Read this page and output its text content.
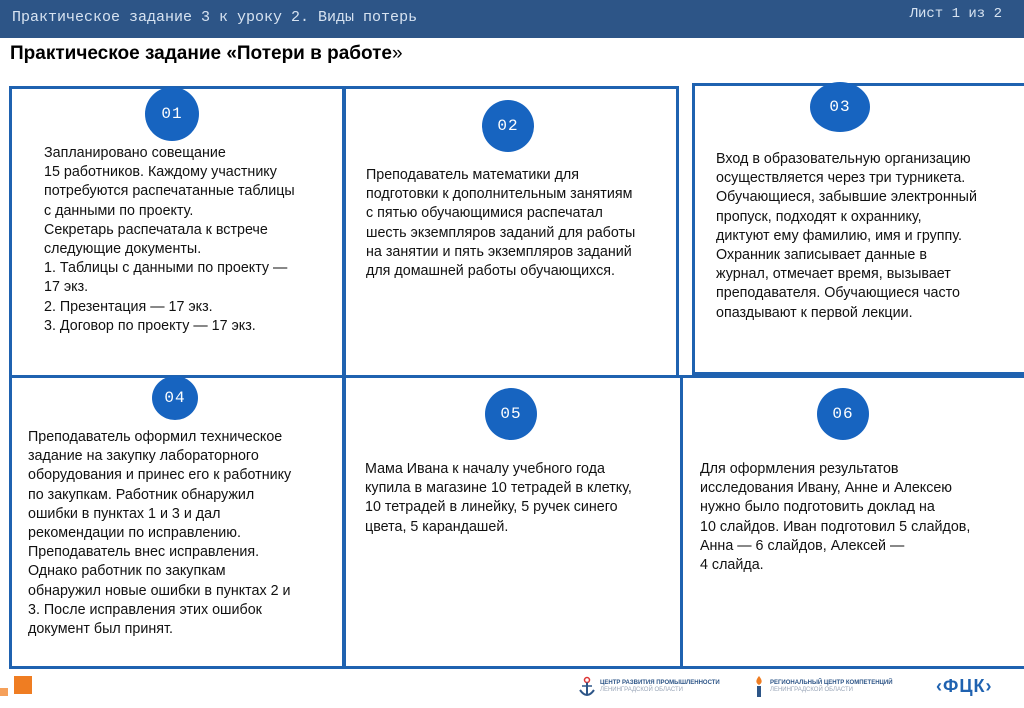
Практическое задание 3 к уроку 2. Виды потерь	Лист 1 из 2
Практическое задание «Потери в работе»
01

Запланировано совещание

15 работников. Каждому участнику

потребуются распечатанные таблицы

с данными по проекту.

Секретарь распечатала к встрече

следующие документы.

1. Таблицы с данными по проекту —

17 экз.

2. Презентация — 17 экз.

3. Договор по проекту — 17 экз.

02

Преподаватель математики для

подготовки к дополнительным занятиям

с пятью обучающимися распечатал

шесть экземпляров заданий для работы

на занятии и пять экземпляров заданий

для домашней работы обучающихся.

03

Вход в образовательную организацию

осуществляется через три турникета.

Обучающиеся, забывшие электронный

пропуск, подходят к охраннику,

диктуют ему фамилию, имя и группу.

Охранник записывает данные в

журнал, отмечает время, вызывает

преподавателя. Обучающиеся часто

опаздывают к первой лекции.

04

Преподаватель оформил техническое

задание на закупку лабораторного

оборудования и принес его к работнику

по закупкам. Работник обнаружил

ошибки в пунктах 1 и 3 и дал

рекомендации по исправлению.

Преподаватель внес исправления.

Однако работник по закупкам

обнаружил новые ошибки в пунктах 2 и

3. После исправления этих ошибок

документ был принят.

05

Мама Ивана к началу учебного года

купила в магазине 10 тетрадей в клетку,

10 тетрадей в линейку, 5 ручек синего

цвета, 5 карандашей.

06

Для оформления результатов

исследования Ивану, Анне и Алексею

нужно было подготовить доклад на

10 слайдов. Иван подготовил 5 слайдов,

Анна — 6 слайдов, Алексей —

4 слайда.

ЦЕНТР РАЗВИТИЯ ПРОМЫШЛЕННОСТИ
ЛЕНИНГРАДСКОЙ ОБЛАСТИ
РЕГИОНАЛЬНЫЙ ЦЕНТР КОМПЕТЕНЦИЙ
ЛЕНИНГРАДСКОЙ ОБЛАСТИ	‹ФЦК›
